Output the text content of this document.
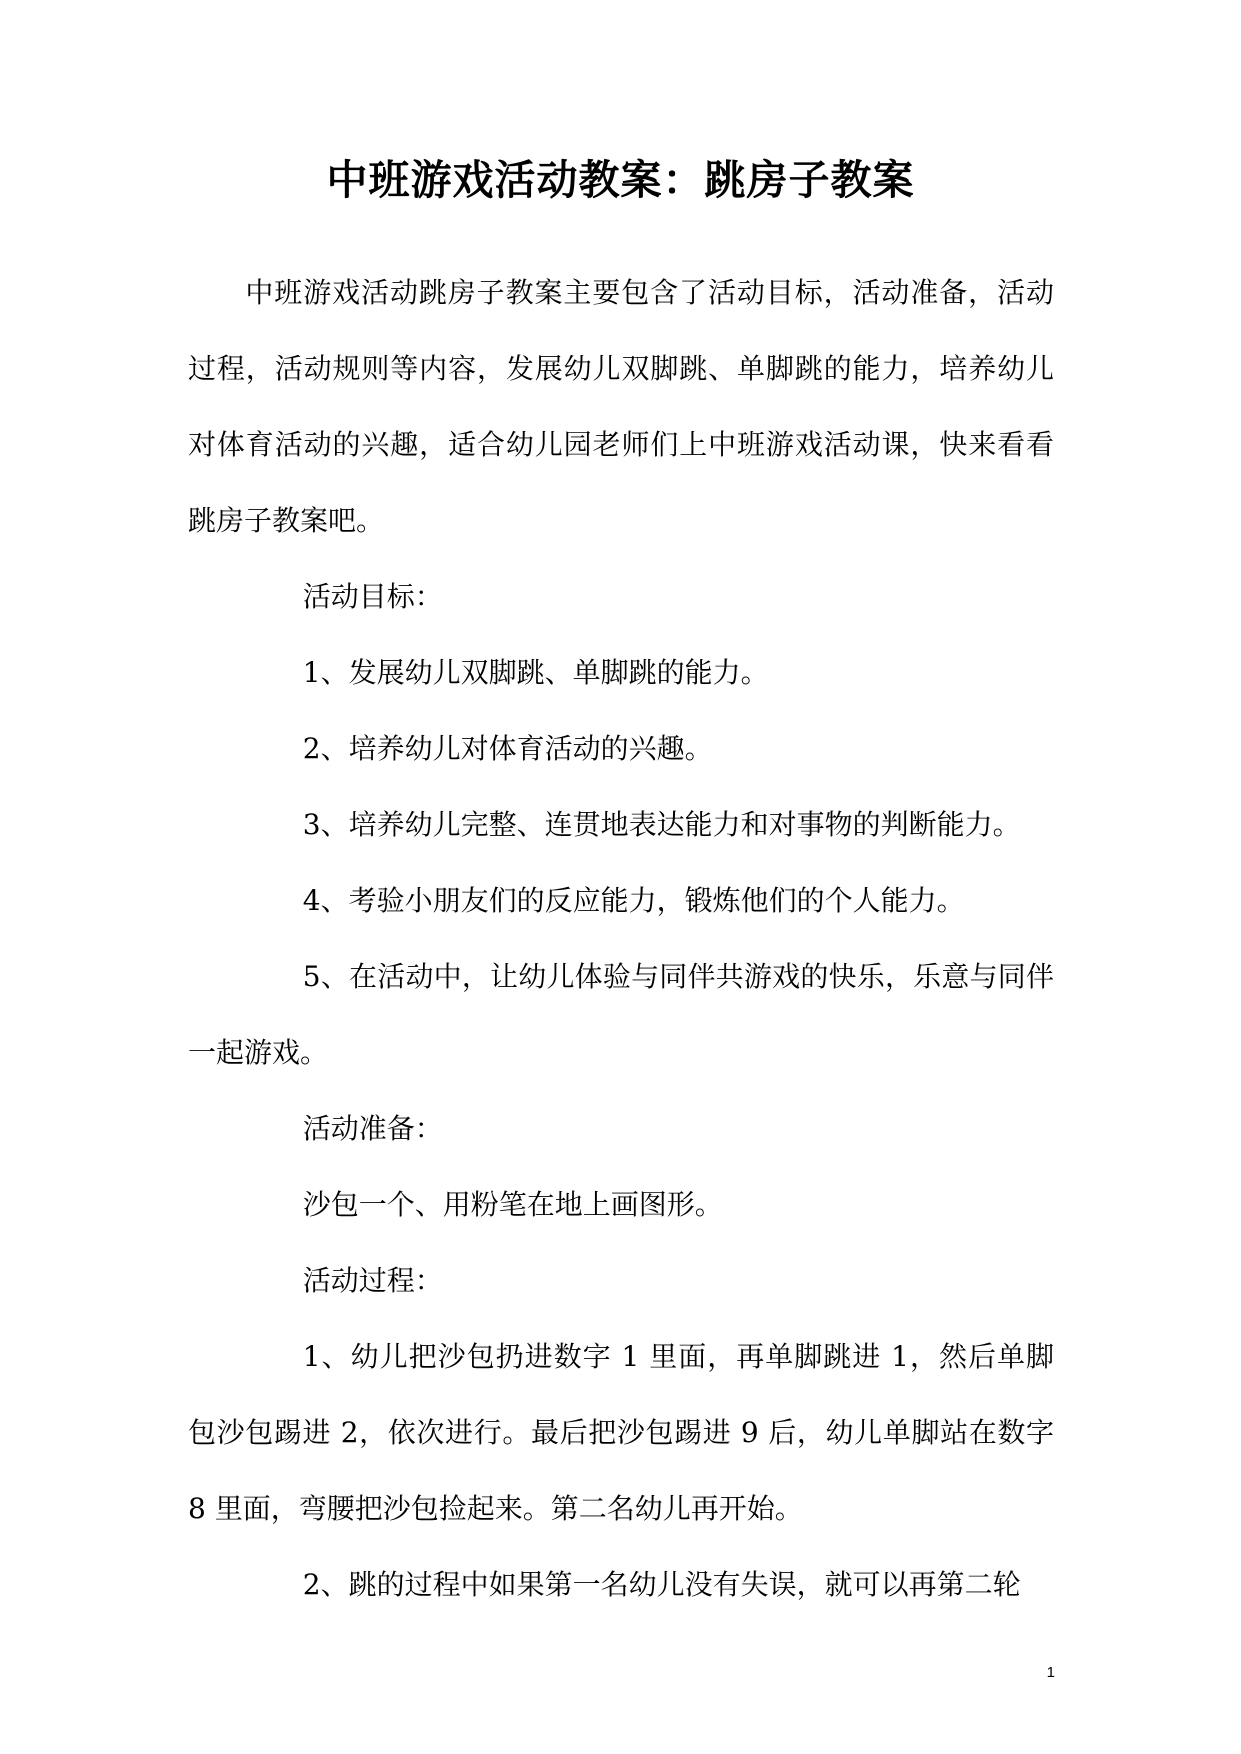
中班游戏活动教案：跳房子教案

中班游戏活动跳房子教案主要包含了活动目标，活动准备，活动过程，活动规则等内容，发展幼儿双脚跳、单脚跳的能力，培养幼儿对体育活动的兴趣，适合幼儿园老师们上中班游戏活动课，快来看看跳房子教案吧。

活动目标：

1、发展幼儿双脚跳、单脚跳的能力。

2、培养幼儿对体育活动的兴趣。

3、培养幼儿完整、连贯地表达能力和对事物的判断能力。

4、考验小朋友们的反应能力，锻炼他们的个人能力。

5、在活动中，让幼儿体验与同伴共游戏的快乐，乐意与同伴一起游戏。

活动准备：

沙包一个、用粉笔在地上画图形。

活动过程：

1、幼儿把沙包扔进数字 1 里面，再单脚跳进 1，然后单脚包沙包踢进 2，依次进行。最后把沙包踢进 9 后，幼儿单脚站在数字 8 里面，弯腰把沙包捡起来。第二名幼儿再开始。

2、跳的过程中如果第一名幼儿没有失误，就可以再第二轮

1
